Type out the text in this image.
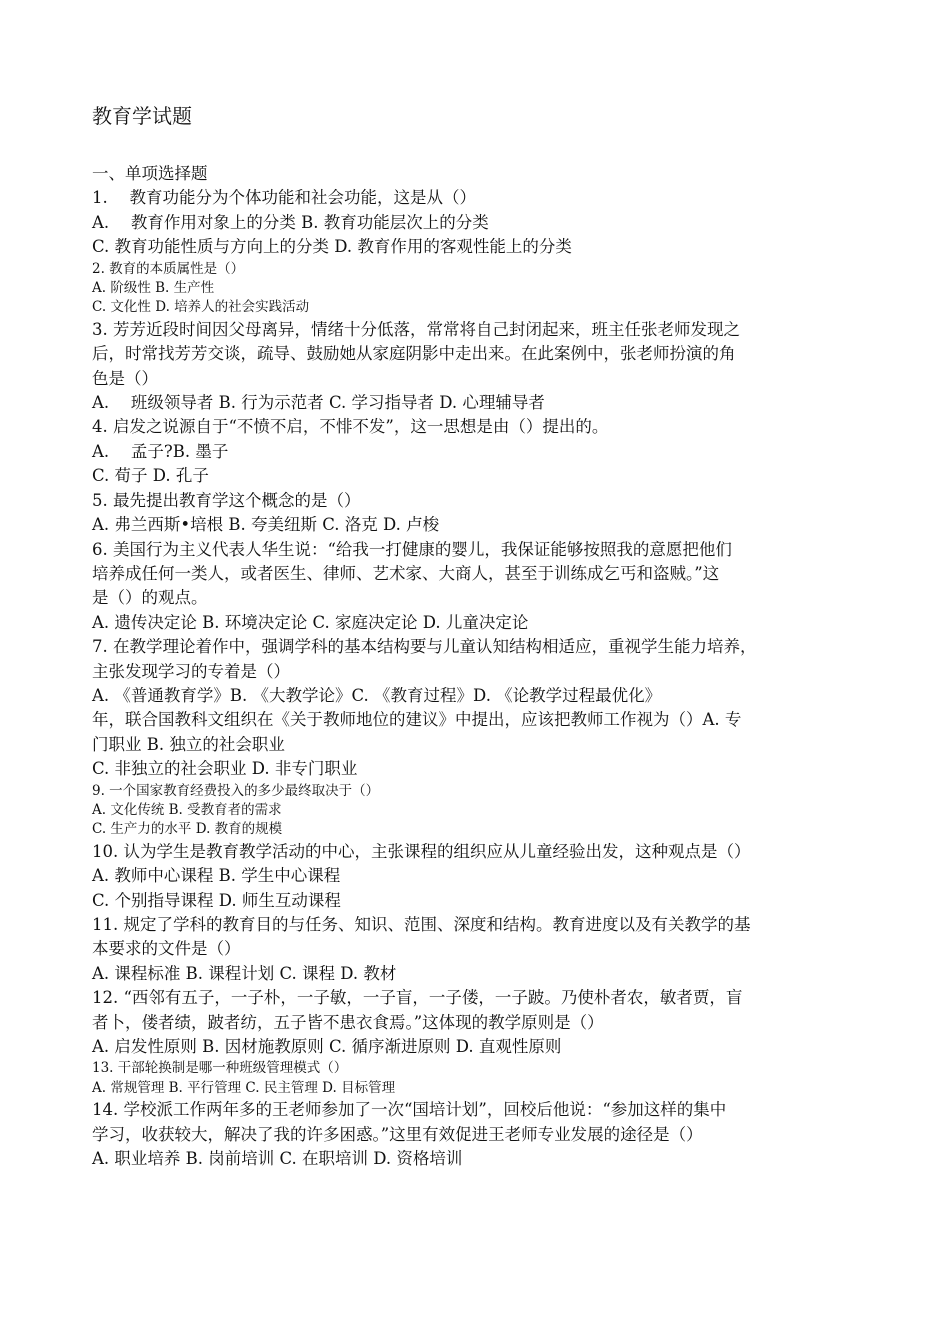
教育学试题
一、单项选择题
1.　 教育功能分为个体功能和社会功能，这是从（）
A.　 教育作用对象上的分类 B. 教育功能层次上的分类
C. 教育功能性质与方向上的分类 D. 教育作用的客观性能上的分类
2. 教育的本质属性是（）
A. 阶级性 B. 生产性
C. 文化性 D. 培养人的社会实践活动
3. 芳芳近段时间因父母离异，情绪十分低落，常常将自己封闭起来，班主任张老师发现之
后，时常找芳芳交谈，疏导、鼓励她从家庭阴影中走出来。在此案例中，张老师扮演的角
色是（）
A.　 班级领导者 B. 行为示范者 C. 学习指导者 D. 心理辅导者
4. 启发之说源自于“不愤不启，不悱不发”，这一思想是由（）提出的。
A.　 孟子?B. 墨子
C. 荀子 D. 孔子
5. 最先提出教育学这个概念的是（）
A. 弗兰西斯•培根 B. 夸美纽斯 C. 洛克 D. 卢梭
6. 美国行为主义代表人华生说：“给我一打健康的婴儿，我保证能够按照我的意愿把他们
培养成任何一类人，或者医生、律师、艺术家、大商人，甚至于训练成乞丐和盗贼。”这
是（）的观点。
A. 遗传决定论 B. 环境决定论 C. 家庭决定论 D. 儿童决定论
7. 在教学理论着作中，强调学科的基本结构要与儿童认知结构相适应，重视学生能力培养，
主张发现学习的专着是（）
A. 《普通教育学》B. 《大教学论》C. 《教育过程》D. 《论教学过程最优化》
年，联合国教科文组织在《关于教师地位的建议》中提出，应该把教师工作视为（）A. 专
门职业 B. 独立的社会职业
C. 非独立的社会职业 D. 非专门职业
9. 一个国家教育经费投入的多少最终取决于（）
A. 文化传统 B. 受教育者的需求
C. 生产力的水平 D. 教育的规模
10. 认为学生是教育教学活动的中心，主张课程的组织应从儿童经验出发，这种观点是（）
A. 教师中心课程 B. 学生中心课程
C. 个别指导课程 D. 师生互动课程
11. 规定了学科的教育目的与任务、知识、范围、深度和结构。教育进度以及有关教学的基
本要求的文件是（）
A. 课程标准 B. 课程计划 C. 课程 D. 教材
12. “西邻有五子，一子朴，一子敏，一子盲，一子偻，一子跛。乃使朴者农，敏者贾，盲
者卜，偻者绩，跛者纺，五子皆不患衣食焉。”这体现的教学原则是（）
A. 启发性原则 B. 因材施教原则 C. 循序渐进原则 D. 直观性原则
13. 干部轮换制是哪一种班级管理模式（）
A. 常规管理 B. 平行管理 C. 民主管理 D. 目标管理
14. 学校派工作两年多的王老师参加了一次“国培计划”，回校后他说：“参加这样的集中
学习，收获较大，解决了我的许多困惑。”这里有效促进王老师专业发展的途径是（）
A. 职业培养 B. 岗前培训 C. 在职培训 D. 资格培训
